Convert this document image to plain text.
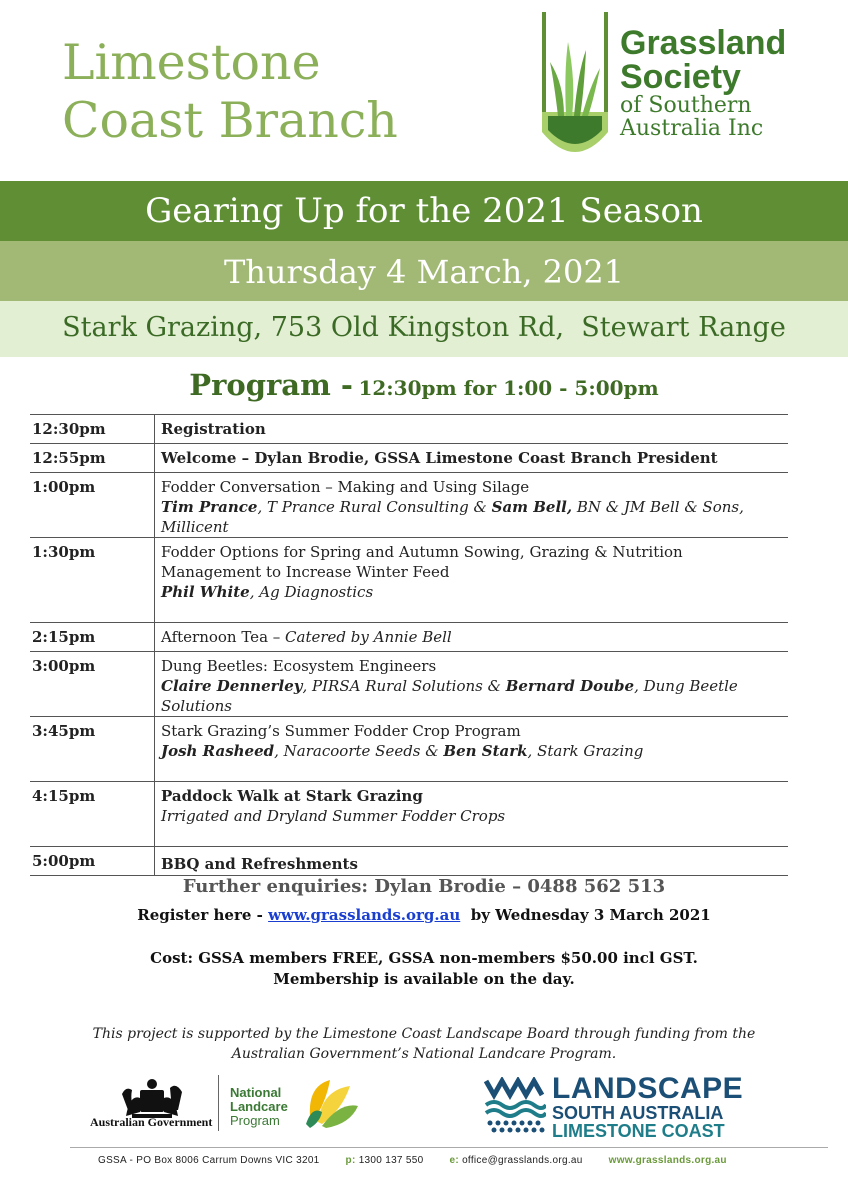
Limestone
Coast Branch
Grassland
Society
of Southern
Australia Inc
Gearing Up for the 2021 Season
Thursday 4 March, 2021
Stark Grazing, 753 Old Kingston Rd,  Stewart Range
Program - 12:30pm for 1:00 - 5:00pm
12:30pm	Registration
12:55pm	Welcome – Dylan Brodie, GSSA Limestone Coast Branch President
1:00pm	Fodder Conversation – Making and Using Silage
Tim Prance, T Prance Rural Consulting & Sam Bell, BN & JM Bell & Sons, Millicent

1:30pm	Fodder Options for Spring and Autumn Sowing, Grazing & Nutrition Management to Increase Winter Feed
Phil White, Ag Diagnostics

2:15pm	Afternoon Tea – Catered by Annie Bell
3:00pm	Dung Beetles: Ecosystem Engineers
Claire Dennerley, PIRSA Rural Solutions & Bernard Doube, Dung Beetle Solutions

3:45pm	Stark Grazing’s Summer Fodder Crop Program
Josh Rasheed, Naracoorte Seeds & Ben Stark, Stark Grazing

4:15pm	Paddock Walk at Stark Grazing
Irrigated and Dryland Summer Fodder Crops

5:00pm	BBQ and Refreshments
Further enquiries: Dylan Brodie – 0488 562 513
Register here - www.grasslands.org.au  by Wednesday 3 March 2021
Cost: GSSA members FREE, GSSA non-members $50.00 incl GST.
Membership is available on the day.
This project is supported by the Limestone Coast Landscape Board through funding from the Australian Government’s National Landcare Program.
Australian Government
National
Landcare
Program
LANDSCAPE
SOUTH AUSTRALIA
LIMESTONE COAST
GSSA - PO Box 8006 Carrum Downs VIC 3201	p: 1300 137 550	e: office@grasslands.org.au	www.grasslands.org.au
